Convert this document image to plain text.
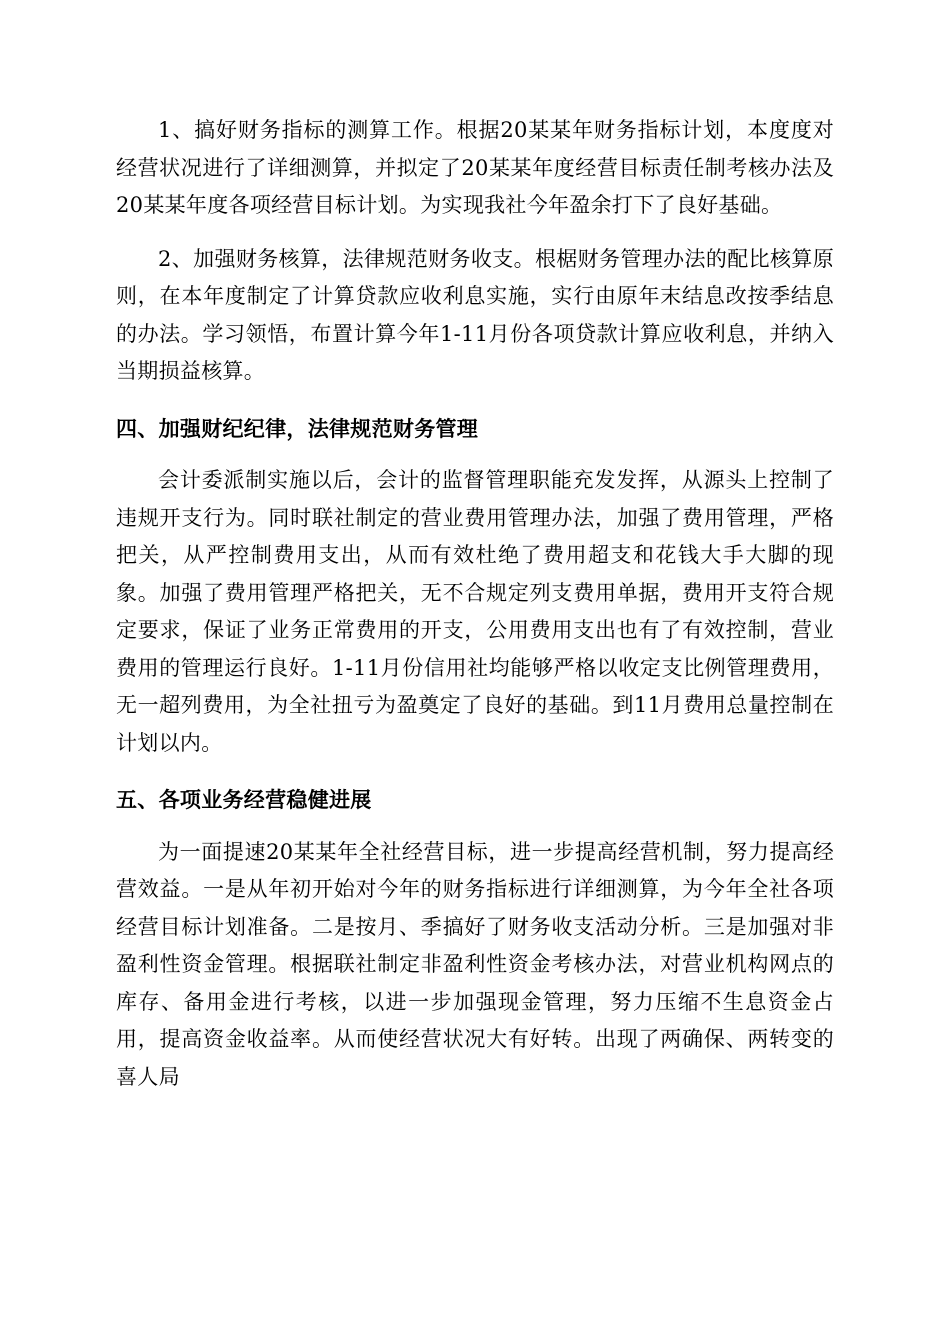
1、搞好财务指标的测算工作。根据20某某年财务指标计划，本度度对经营状况进行了详细测算，并拟定了20某某年度经营目标责任制考核办法及20某某年度各项经营目标计划。为实现我社今年盈余打下了良好基础。

2、加强财务核算，法律规范财务收支。根椐财务管理办法的配比核算原则，在本年度制定了计算贷款应收利息实施，实行由原年末结息改按季结息的办法。学习领悟，布置计算今年1-11月份各项贷款计算应收利息，并纳入当期损益核算。

四、加强财纪纪律，法律规范财务管理

会计委派制实施以后，会计的监督管理职能充发发挥，从源头上控制了违规开支行为。同时联社制定的营业费用管理办法，加强了费用管理，严格把关，从严控制费用支出，从而有效杜绝了费用超支和花钱大手大脚的现象。加强了费用管理严格把关，无不合规定列支费用单据，费用开支符合规定要求，保证了业务正常费用的开支，公用费用支出也有了有效控制，营业费用的管理运行良好。1-11月份信用社均能够严格以收定支比例管理费用，无一超列费用，为全社扭亏为盈奠定了良好的基础。到11月费用总量控制在计划以内。

五、各项业务经营稳健进展

为一面提速20某某年全社经营目标，进一步提高经营机制，努力提高经营效益。一是从年初开始对今年的财务指标进行详细测算，为今年全社各项经营目标计划准备。二是按月、季搞好了财务收支活动分析。三是加强对非盈利性资金管理。根据联社制定非盈利性资金考核办法，对营业机构网点的库存、备用金进行考核，以进一步加强现金管理，努力压缩不生息资金占用，提高资金收益率。从而使经营状况大有好转。出现了两确保、两转变的喜人局
